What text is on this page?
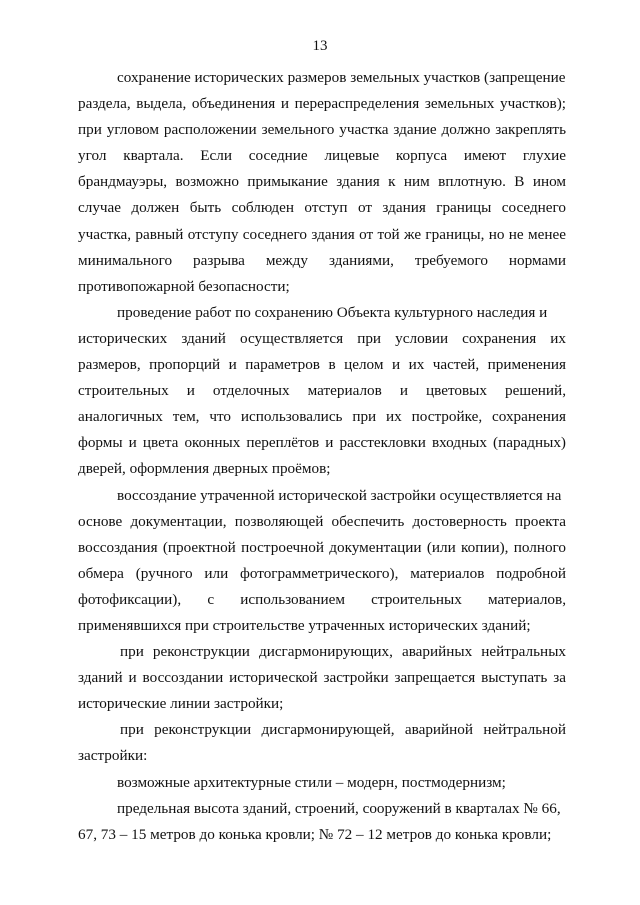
13
сохранение исторических размеров земельных участков (запрещение
раздела, выдела, объединения и перераспределения земельных участков);
при угловом расположении земельного участка здание должно закреплять
угол квартала. Если соседние лицевые корпуса имеют глухие
брандмауэры, возможно примыкание здания к ним вплотную. В ином
случае должен быть соблюден отступ от здания границы соседнего
участка, равный отступу соседнего здания от той же границы, но не менее
минимального разрыва между зданиями, требуемого нормами
противопожарной безопасности;
проведение работ по сохранению Объекта культурного наследия и
исторических зданий осуществляется при условии сохранения их
размеров, пропорций и параметров в целом и их частей, применения
строительных и отделочных материалов и цветовых решений,
аналогичных тем, что использовались при их постройке, сохранения
формы и цвета оконных переплётов и расстекловки входных (парадных)
дверей, оформления дверных проёмов;
воссоздание утраченной исторической застройки осуществляется на
основе документации, позволяющей обеспечить достоверность проекта
воссоздания (проектной построечной документации (или копии), полного
обмера (ручного или фотограмметрического), материалов подробной
фотофиксации), с использованием строительных материалов,
применявшихся при строительстве утраченных исторических зданий;
при реконструкции дисгармонирующих, аварийных нейтральных
зданий и воссоздании исторической застройки запрещается выступать за
исторические линии застройки;
при реконструкции дисгармонирующей, аварийной нейтральной
застройки:
возможные архитектурные стили – модерн, постмодернизм;
предельная высота зданий, строений, сооружений в кварталах № 66,
67, 73 – 15 метров до конька кровли; № 72 – 12 метров до конька кровли;
